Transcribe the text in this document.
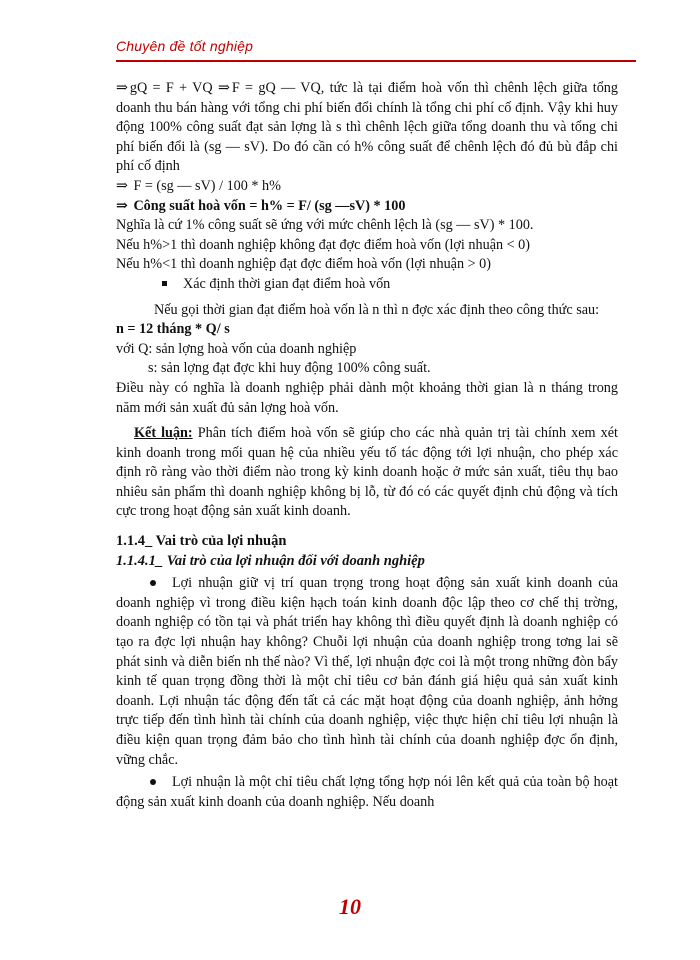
Chuyên đề tốt nghiệp

⇒ gQ = F + VQ ⇒ F = gQ — VQ, tức là tại điểm hoà vốn thì chênh lệch giữa tổng doanh thu bán hàng với tổng chi phí biến đổi chính là tổng chi phí cố định. Vậy khi huy động 100% công suất đạt sản lợng là s thì chênh lệch giữa tổng doanh thu và tổng chi phí biến đổi là (sg — sV). Do đó cần có h% công suất để chênh lệch đó đủ bù đắp chi phí cố định

⇒ F = (sg — sV) / 100 * h%

⇒ Công suất hoà vốn = h% = F/ (sg —sV) * 100

Nghĩa là cứ 1% công suất sẽ ứng với mức chênh lệch là (sg — sV) * 100.

Nếu h%>1 thì doanh nghiệp không đạt đợc điểm hoà vốn (lợi nhuận < 0)

Nếu h%<1 thì doanh nghiệp đạt đợc điểm hoà vốn (lợi nhuận > 0)

Xác định thời gian đạt điểm hoà vốn

Nếu gọi thời gian đạt điểm hoà vốn là n thì n đợc xác định theo công thức sau:

n = 12 tháng * Q/ s

với Q: sản lợng hoà vốn của doanh nghiệp

s: sản lợng đạt đợc khi huy động 100% công suất.

Điều này có nghĩa là doanh nghiệp phải dành một khoảng thời gian là n tháng trong năm mới sản xuất đủ sản lợng hoà vốn.

Kết luận: Phân tích điểm hoà vốn sẽ giúp cho các nhà quản trị tài chính xem xét kinh doanh trong mối quan hệ của nhiều yếu tố tác động tới lợi nhuận, cho phép xác định rõ ràng vào thời điểm nào trong kỳ kinh doanh hoặc ở mức sản xuất, tiêu thụ bao nhiêu sản phẩm thì doanh nghiệp không bị lỗ, từ đó có các quyết định chủ động và tích cực trong hoạt động sản xuất kinh doanh.

1.1.4_ Vai trò của lợi nhuận

1.1.4.1_ Vai trò của lợi nhuận đối với doanh nghiệp

Lợi nhuận giữ vị trí quan trọng trong hoạt động sản xuất kinh doanh của doanh nghiệp vì trong điều kiện hạch toán kinh doanh độc lập theo cơ chế thị trờng, doanh nghiệp có tồn tại và phát triển hay không thì điều quyết định là doanh nghiệp có tạo ra đợc lợi nhuận hay không? Chuỗi lợi nhuận của doanh nghiệp trong tơng lai sẽ phát sinh và diễn biến nh thế nào? Vì thế, lợi nhuận đợc coi là một trong những đòn bẩy kinh tế quan trọng đồng thời là một chỉ tiêu cơ bản đánh giá hiệu quả sản xuất kinh doanh. Lợi nhuận tác động đến tất cả các mặt hoạt động của doanh nghiệp, ảnh hởng trực tiếp đến tình hình tài chính của doanh nghiệp, việc thực hiện chỉ tiêu lợi nhuận là điều kiện quan trọng đảm bảo cho tình hình tài chính của doanh nghiệp đợc ổn định, vững chắc.

Lợi nhuận là một chỉ tiêu chất lợng tổng hợp nói lên kết quả của toàn bộ hoạt động sản xuất kinh doanh của doanh nghiệp. Nếu doanh

10
